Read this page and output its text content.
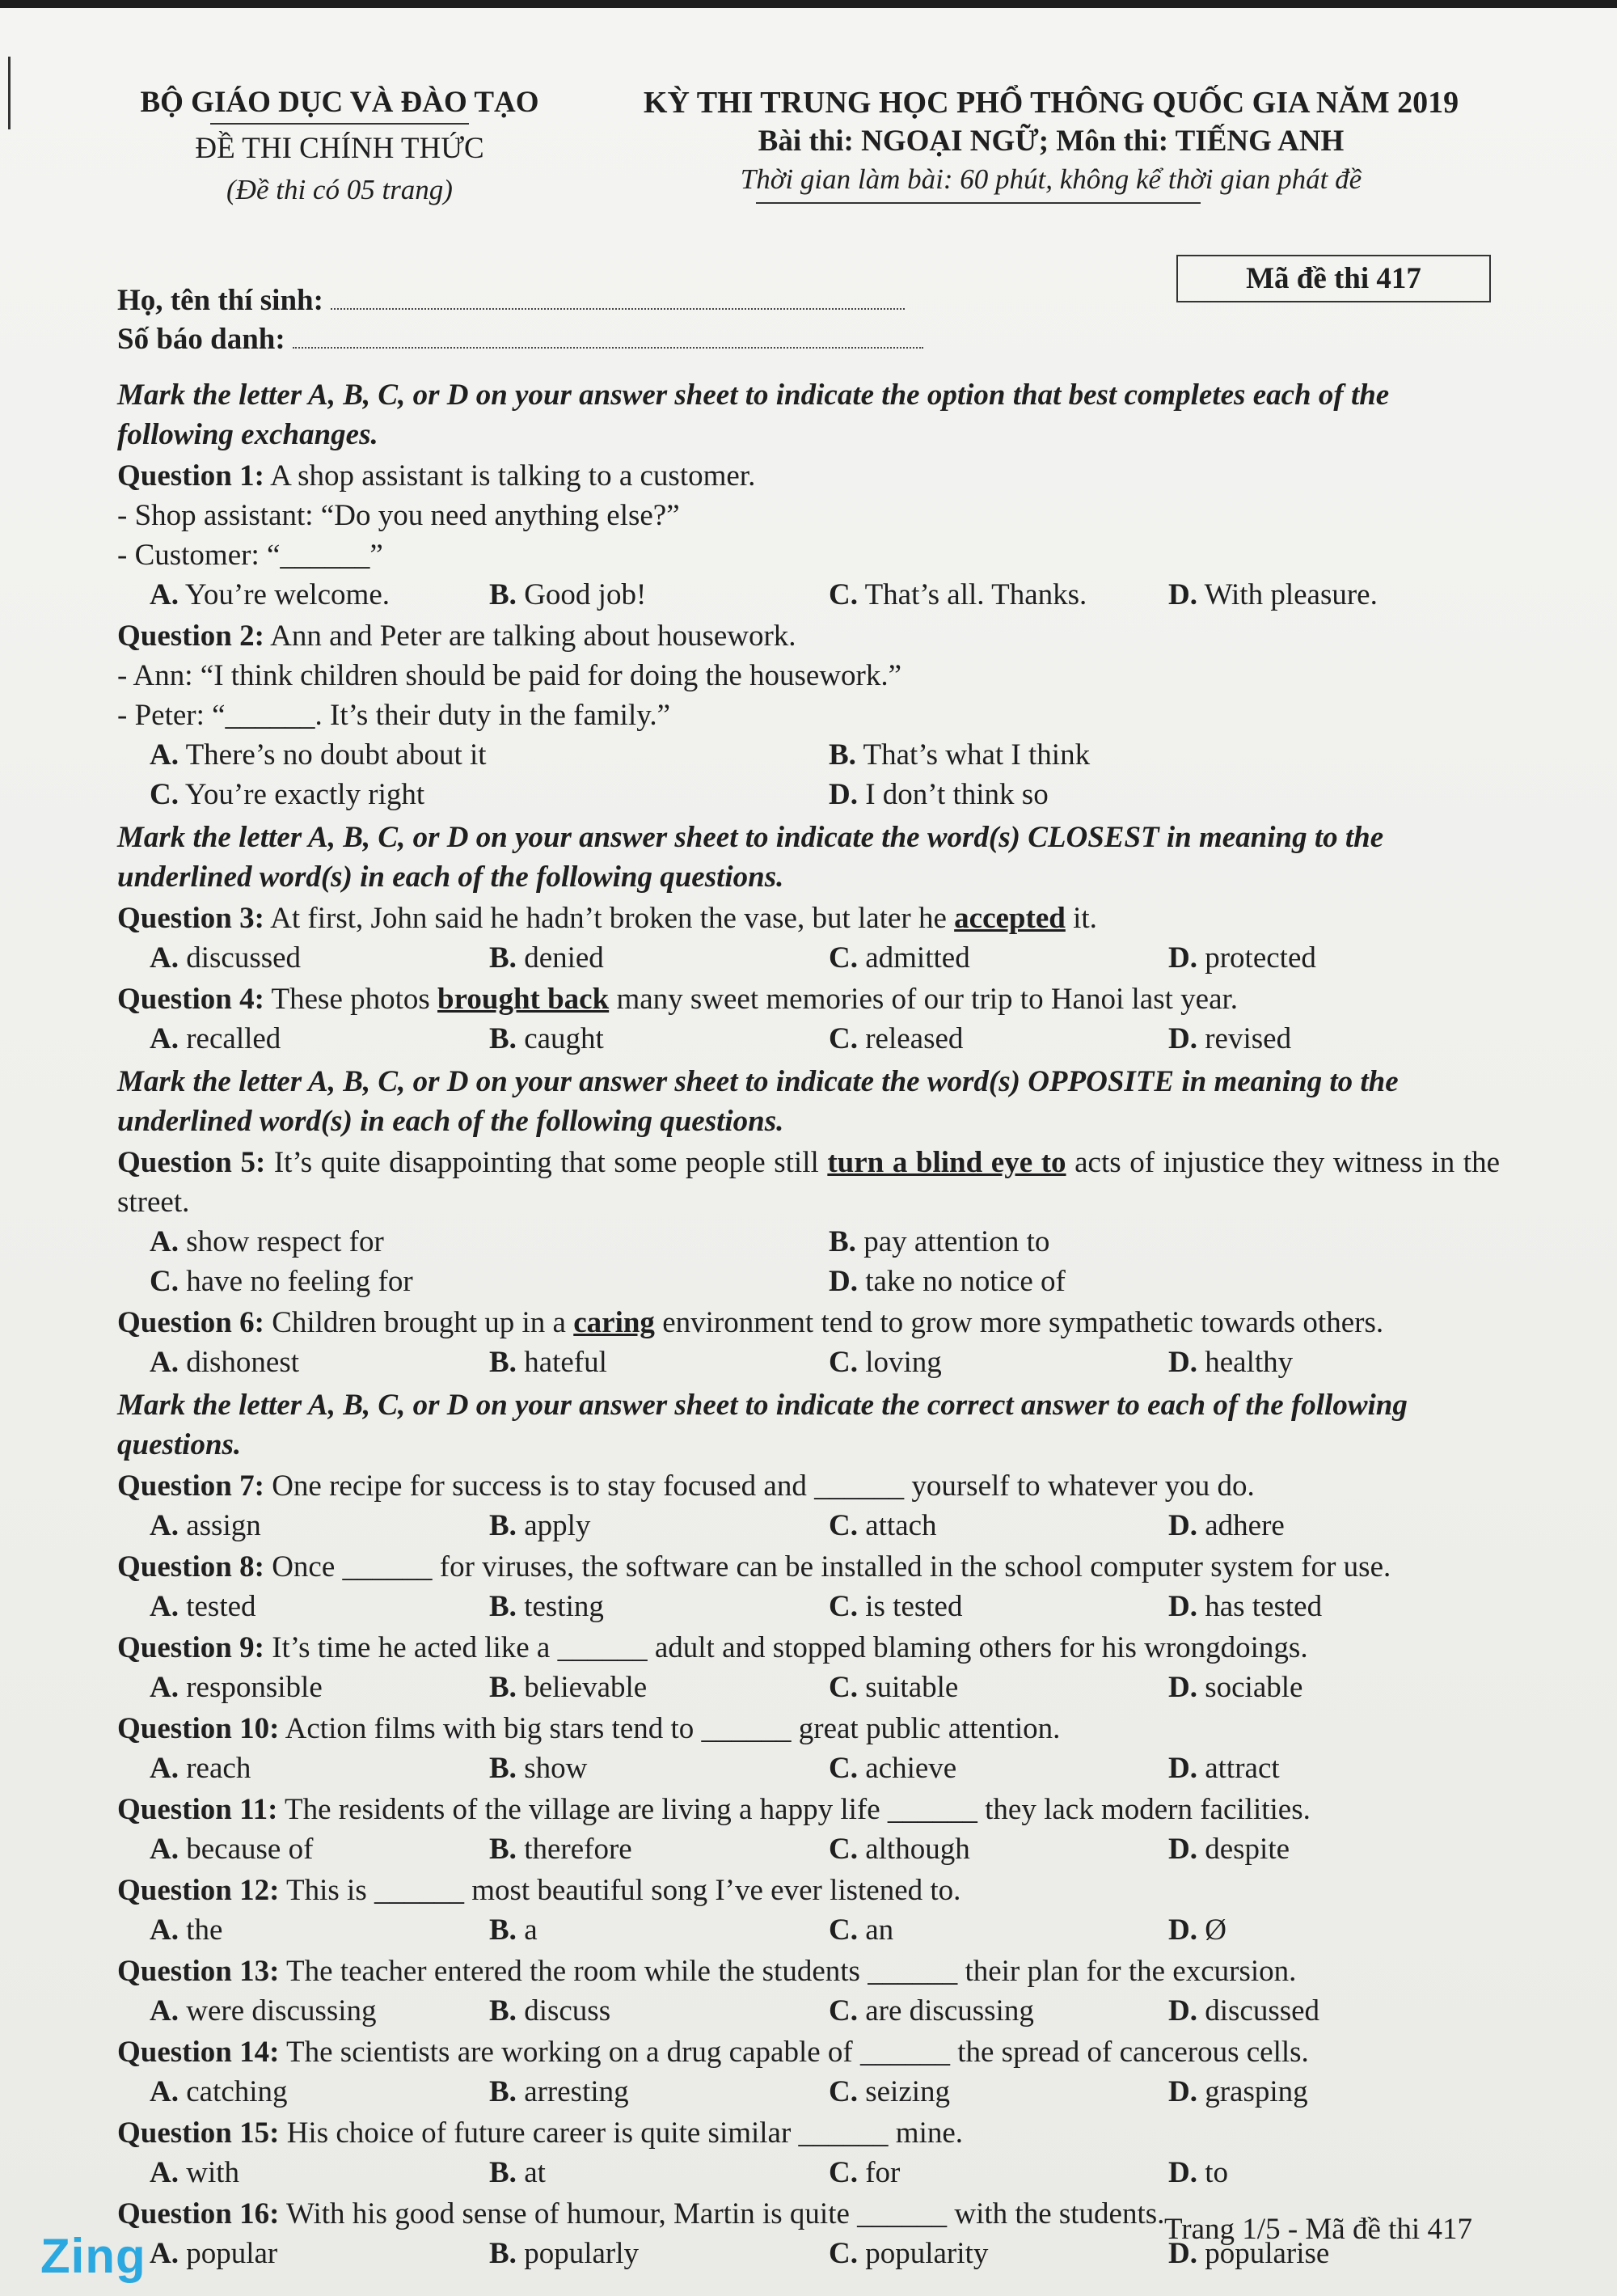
BỘ GIÁO DỤC VÀ ĐÀO TẠO
ĐỀ THI CHÍNH THỨC
(Đề thi có 05 trang)
KỲ THI TRUNG HỌC PHỔ THÔNG QUỐC GIA NĂM 2019
Bài thi: NGOẠI NGỮ; Môn thi: TIẾNG ANH
Thời gian làm bài: 60 phút, không kể thời gian phát đề
Mã đề thi 417
Họ, tên thí sinh:
Số báo danh:
Mark the letter A, B, C, or D on your answer sheet to indicate the option that best completes each of the following exchanges.
Question 1: A shop assistant is talking to a customer.
- Shop assistant: “Do you need anything else?”
- Customer: “______”
A. You’re welcome.	B. Good job!	C. That’s all. Thanks.	D. With pleasure.
Question 2: Ann and Peter are talking about housework.
- Ann: “I think children should be paid for doing the housework.”
- Peter: “______. It’s their duty in the family.”
A. There’s no doubt about it	B. That’s what I think
C. You’re exactly right	D. I don’t think so
Mark the letter A, B, C, or D on your answer sheet to indicate the word(s) CLOSEST in meaning to the underlined word(s) in each of the following questions.
Question 3: At first, John said he hadn’t broken the vase, but later he accepted it.
A. discussed	B. denied	C. admitted	D. protected
Question 4: These photos brought back many sweet memories of our trip to Hanoi last year.
A. recalled	B. caught	C. released	D. revised
Mark the letter A, B, C, or D on your answer sheet to indicate the word(s) OPPOSITE in meaning to the underlined word(s) in each of the following questions.
Question 5: It’s quite disappointing that some people still turn a blind eye to acts of injustice they witness in the street.
A. show respect for	B. pay attention to
C. have no feeling for	D. take no notice of
Question 6: Children brought up in a caring environment tend to grow more sympathetic towards others.
A. dishonest	B. hateful	C. loving	D. healthy
Mark the letter A, B, C, or D on your answer sheet to indicate the correct answer to each of the following questions.
Question 7: One recipe for success is to stay focused and ______ yourself to whatever you do.
A. assign	B. apply	C. attach	D. adhere
Question 8: Once ______ for viruses, the software can be installed in the school computer system for use.
A. tested	B. testing	C. is tested	D. has tested
Question 9: It’s time he acted like a ______ adult and stopped blaming others for his wrongdoings.
A. responsible	B. believable	C. suitable	D. sociable
Question 10: Action films with big stars tend to ______ great public attention.
A. reach	B. show	C. achieve	D. attract
Question 11: The residents of the village are living a happy life ______ they lack modern facilities.
A. because of	B. therefore	C. although	D. despite
Question 12: This is ______ most beautiful song I’ve ever listened to.
A. the	B. a	C. an	D. Ø
Question 13: The teacher entered the room while the students ______ their plan for the excursion.
A. were discussing	B. discuss	C. are discussing	D. discussed
Question 14: The scientists are working on a drug capable of ______ the spread of cancerous cells.
A. catching	B. arresting	C. seizing	D. grasping
Question 15: His choice of future career is quite similar ______ mine.
A. with	B. at	C. for	D. to
Question 16: With his good sense of humour, Martin is quite ______ with the students.
A. popular	B. popularly	C. popularity	D. popularise
Trang 1/5 - Mã đề thi 417
Zing
